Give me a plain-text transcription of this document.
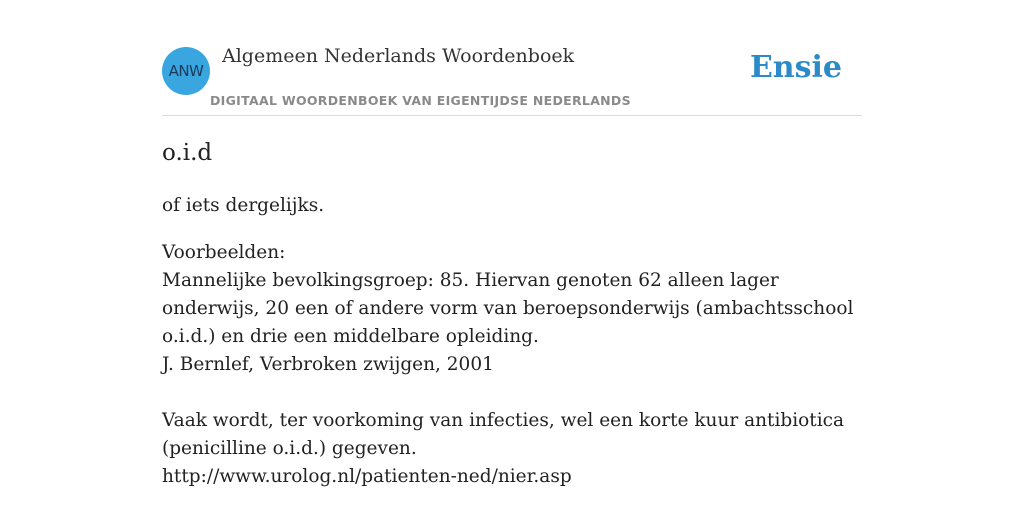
ANW
Algemeen Nederlands Woordenboek
DIGITAAL WOORDENBOEK VAN EIGENTIJDSE NEDERLANDS
Ensie
o.i.d
of iets dergelijks.

Voorbeelden:

Mannelijke bevolkingsgroep: 85. Hiervan genoten 62 alleen lager onderwijs, 20 een of andere vorm van beroepsonderwijs (ambachtsschool o.i.d.) en drie een middelbare opleiding.

J. Bernlef, Verbroken zwijgen, 2001

Vaak wordt, ter voorkoming van infecties, wel een korte kuur antibiotica (penicilline o.i.d.) gegeven.

http://www.urolog.nl/patienten-ned/nier.asp
